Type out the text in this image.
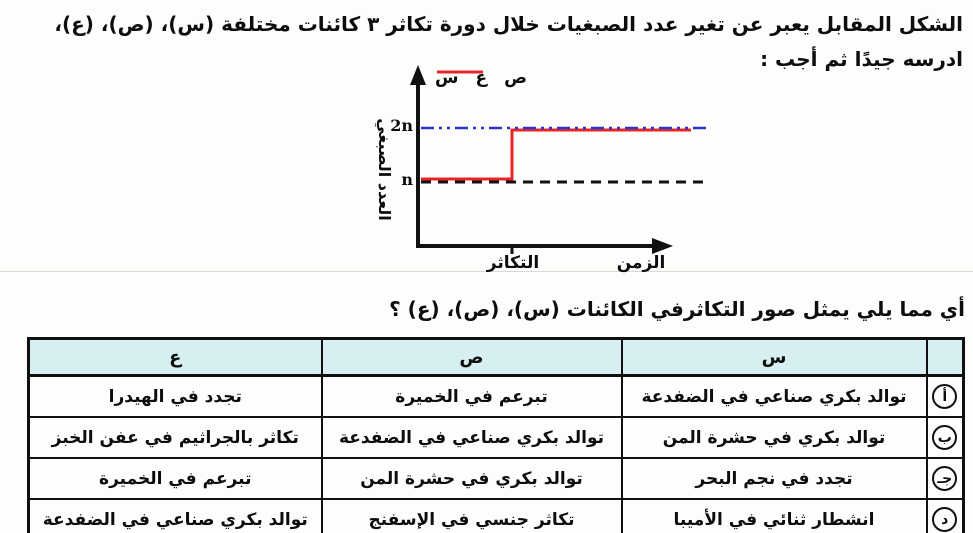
الشكل المقابل يعبر عن تغير عدد الصبغيات خلال دورة تكاثر ٣ كائنات مختلفة (س)، (ص)، (ع)،
ادرسه جيدًا ثم أجب :
2n
n
العدد الصبغي
التكاثر	الزمن
س ع ص
أي مما يلي يمثل صور التكاثرفي الكائنات (س)، (ص)، (ع) ؟
	س	ص	ع
أ	توالد بكري صناعي في الضفدعة	تبرعم في الخميرة	تجدد في الهيدرا
ب	توالد بكري في حشرة المن	توالد بكري صناعي في الضفدعة	تكاثر بالجراثيم في عفن الخبز
جـ	تجدد في نجم البحر	توالد بكري في حشرة المن	تبرعم في الخميرة
د	انشطار ثنائي في الأميبا	تكاثر جنسي في الإسفنج	توالد بكري صناعي في الضفدعة
